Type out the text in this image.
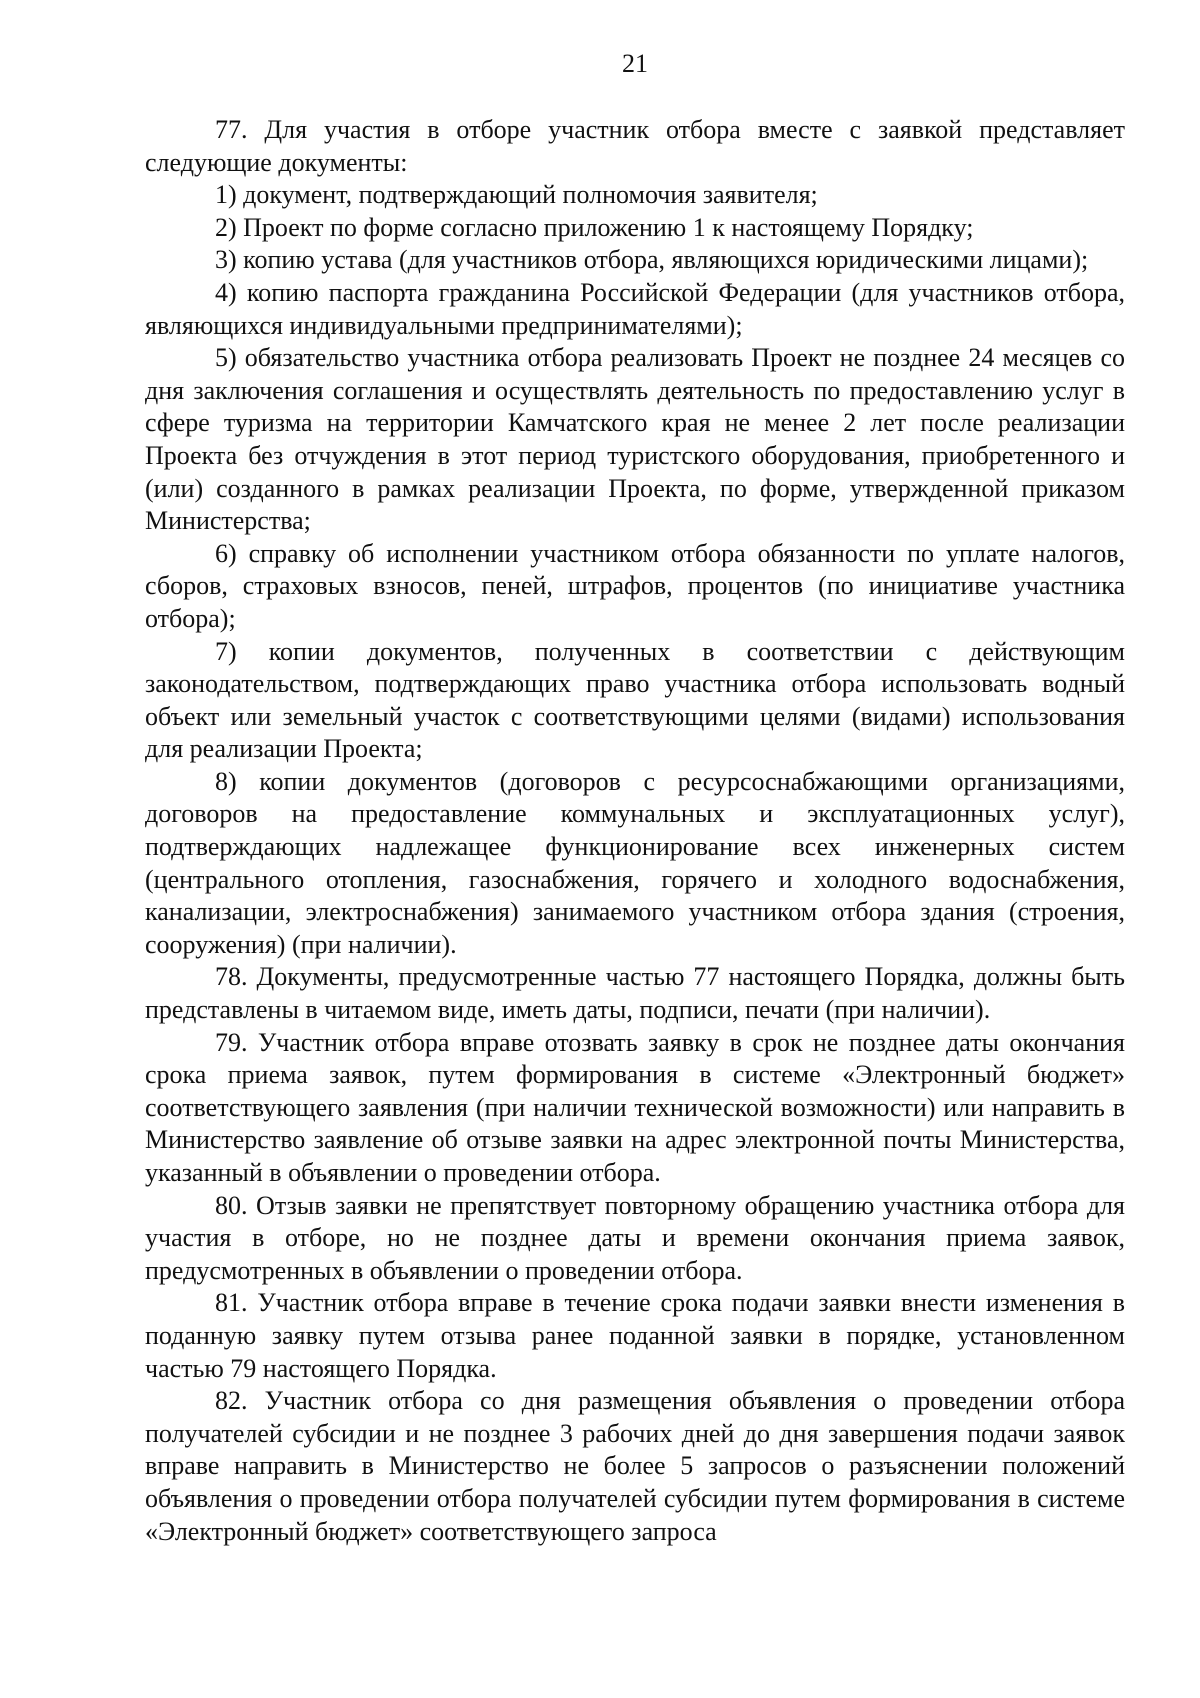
21

77. Для участия в отборе участник отбора вместе с заявкой представляет следующие документы:

1) документ, подтверждающий полномочия заявителя;

2) Проект по форме согласно приложению 1 к настоящему Порядку;

3) копию устава (для участников отбора, являющихся юридическими лицами);

4) копию паспорта гражданина Российской Федерации (для участников отбора, являющихся индивидуальными предпринимателями);

5) обязательство участника отбора реализовать Проект не позднее 24 месяцев со дня заключения соглашения и осуществлять деятельность по предоставлению услуг в сфере туризма на территории Камчатского края не менее 2 лет после реализации Проекта без отчуждения в этот период туристского оборудования, приобретенного и (или) созданного в рамках реализации Проекта, по форме, утвержденной приказом Министерства;

6) справку об исполнении участником отбора обязанности по уплате налогов, сборов, страховых взносов, пеней, штрафов, процентов (по инициативе участника отбора);

7) копии документов, полученных в соответствии с действующим законодательством, подтверждающих право участника отбора использовать водный объект или земельный участок с соответствующими целями (видами) использования для реализации Проекта;

8) копии документов (договоров с ресурсоснабжающими организациями, договоров на предоставление коммунальных и эксплуатационных услуг), подтверждающих надлежащее функционирование всех инженерных систем (центрального отопления, газоснабжения, горячего и холодного водоснабжения, канализации, электроснабжения) занимаемого участником отбора здания (строения, сооружения) (при наличии).

78. Документы, предусмотренные частью 77 настоящего Порядка, должны быть представлены в читаемом виде, иметь даты, подписи, печати (при наличии).

79. Участник отбора вправе отозвать заявку в срок не позднее даты окончания срока приема заявок, путем формирования в системе «Электронный бюджет» соответствующего заявления (при наличии технической возможности) или направить в Министерство заявление об отзыве заявки на адрес электронной почты Министерства, указанный в объявлении о проведении отбора.

80. Отзыв заявки не препятствует повторному обращению участника отбора для участия в отборе, но не позднее даты и времени окончания приема заявок, предусмотренных в объявлении о проведении отбора.

81. Участник отбора вправе в течение срока подачи заявки внести изменения в поданную заявку путем отзыва ранее поданной заявки в порядке, установленном частью 79 настоящего Порядка.

82. Участник отбора со дня размещения объявления о проведении отбора получателей субсидии и не позднее 3 рабочих дней до дня завершения подачи заявок вправе направить в Министерство не более 5 запросов о разъяснении положений объявления о проведении отбора получателей субсидии путем формирования в системе «Электронный бюджет» соответствующего запроса
